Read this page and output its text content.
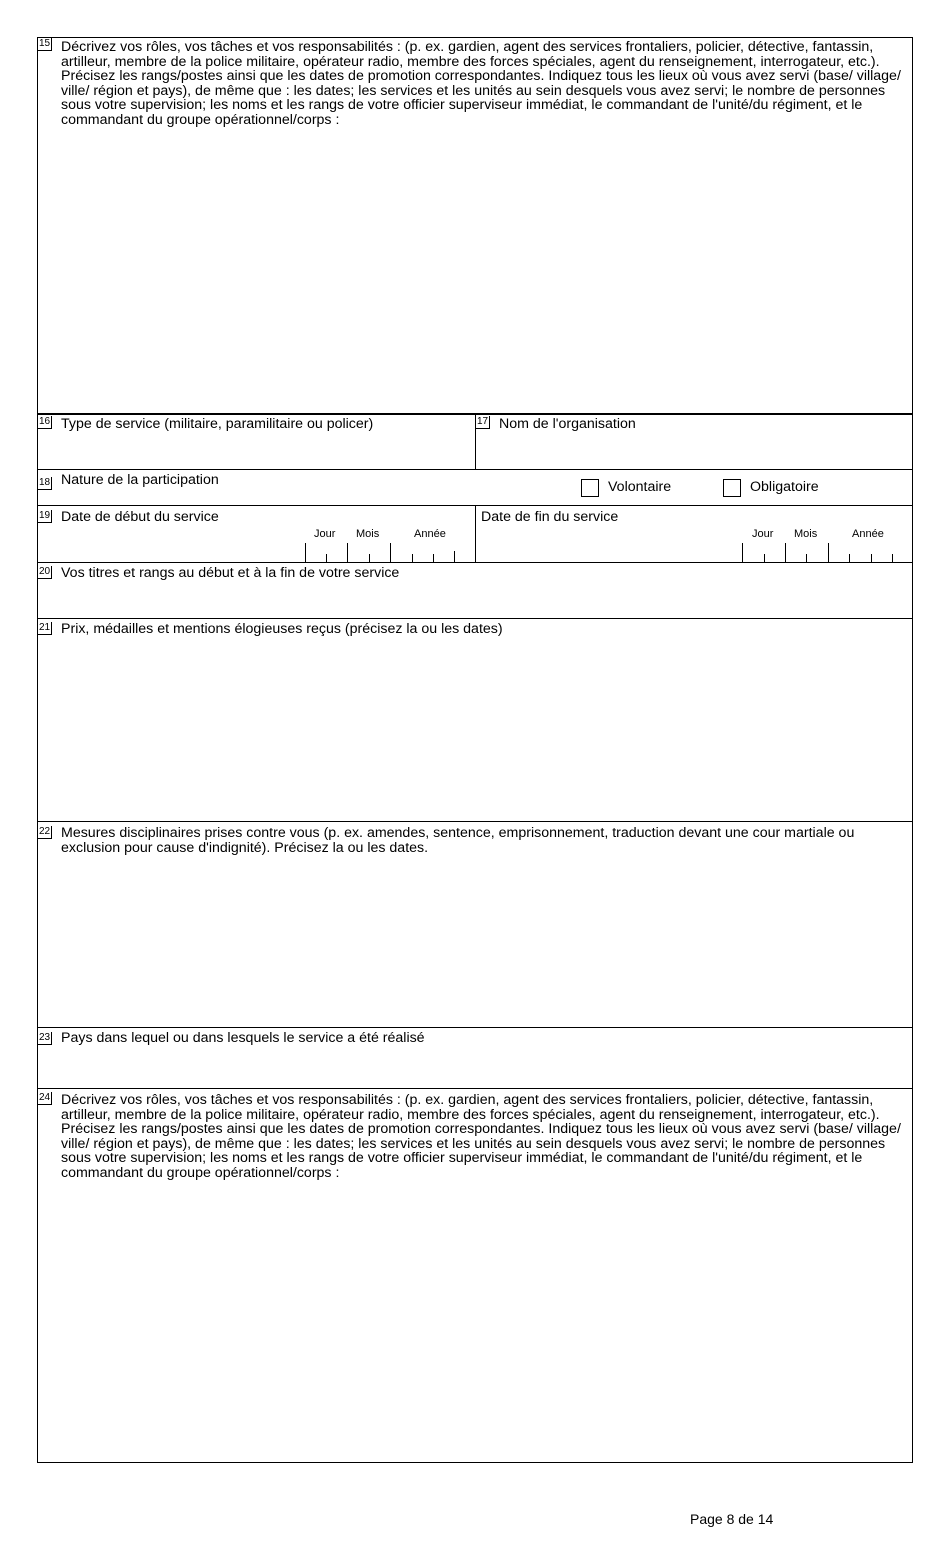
15 Décrivez vos rôles, vos tâches et vos responsabilités : (p. ex. gardien, agent des services frontaliers, policier, détective, fantassin, artilleur, membre de la police militaire, opérateur radio, membre des forces spéciales, agent du renseignement, interrogateur, etc.). Précisez les rangs/postes ainsi que les dates de promotion correspondantes. Indiquez tous les lieux où vous avez servi (base/ village/ ville/ région et pays), de même que : les dates; les services et les unités au sein desquels vous avez servi; le nombre de personnes sous votre supervision; les noms et les rangs de votre officier superviseur immédiat, le commandant de l'unité/du régiment, et le commandant du groupe opérationnel/corps :
16 Type de service (militaire, paramilitaire ou policer)	17 Nom de l'organisation
18 Nature de la participation	Volontaire	Obligatoire
19 Date de début du service
Jour Mois	Année
Date de fin du service
Jour Mois	Année
20 Vos titres et rangs au début et à la fin de votre service
21 Prix, médailles et mentions élogieuses reçus (précisez la ou les dates)
22 Mesures disciplinaires prises contre vous (p. ex. amendes, sentence, emprisonnement, traduction devant une cour martiale ou exclusion pour cause d'indignité). Précisez la ou les dates.
23 Pays dans lequel ou dans lesquels le service a été réalisé
24 Décrivez vos rôles, vos tâches et vos responsabilités : (p. ex. gardien, agent des services frontaliers, policier, détective, fantassin, artilleur, membre de la police militaire, opérateur radio, membre des forces spéciales, agent du renseignement, interrogateur, etc.). Précisez les rangs/postes ainsi que les dates de promotion correspondantes. Indiquez tous les lieux où vous avez servi (base/ village/ ville/ région et pays), de même que : les dates; les services et les unités au sein desquels vous avez servi; le nombre de personnes sous votre supervision; les noms et les rangs de votre officier superviseur immédiat, le commandant de l'unité/du régiment, et le commandant du groupe opérationnel/corps :
Page 8 de 14
